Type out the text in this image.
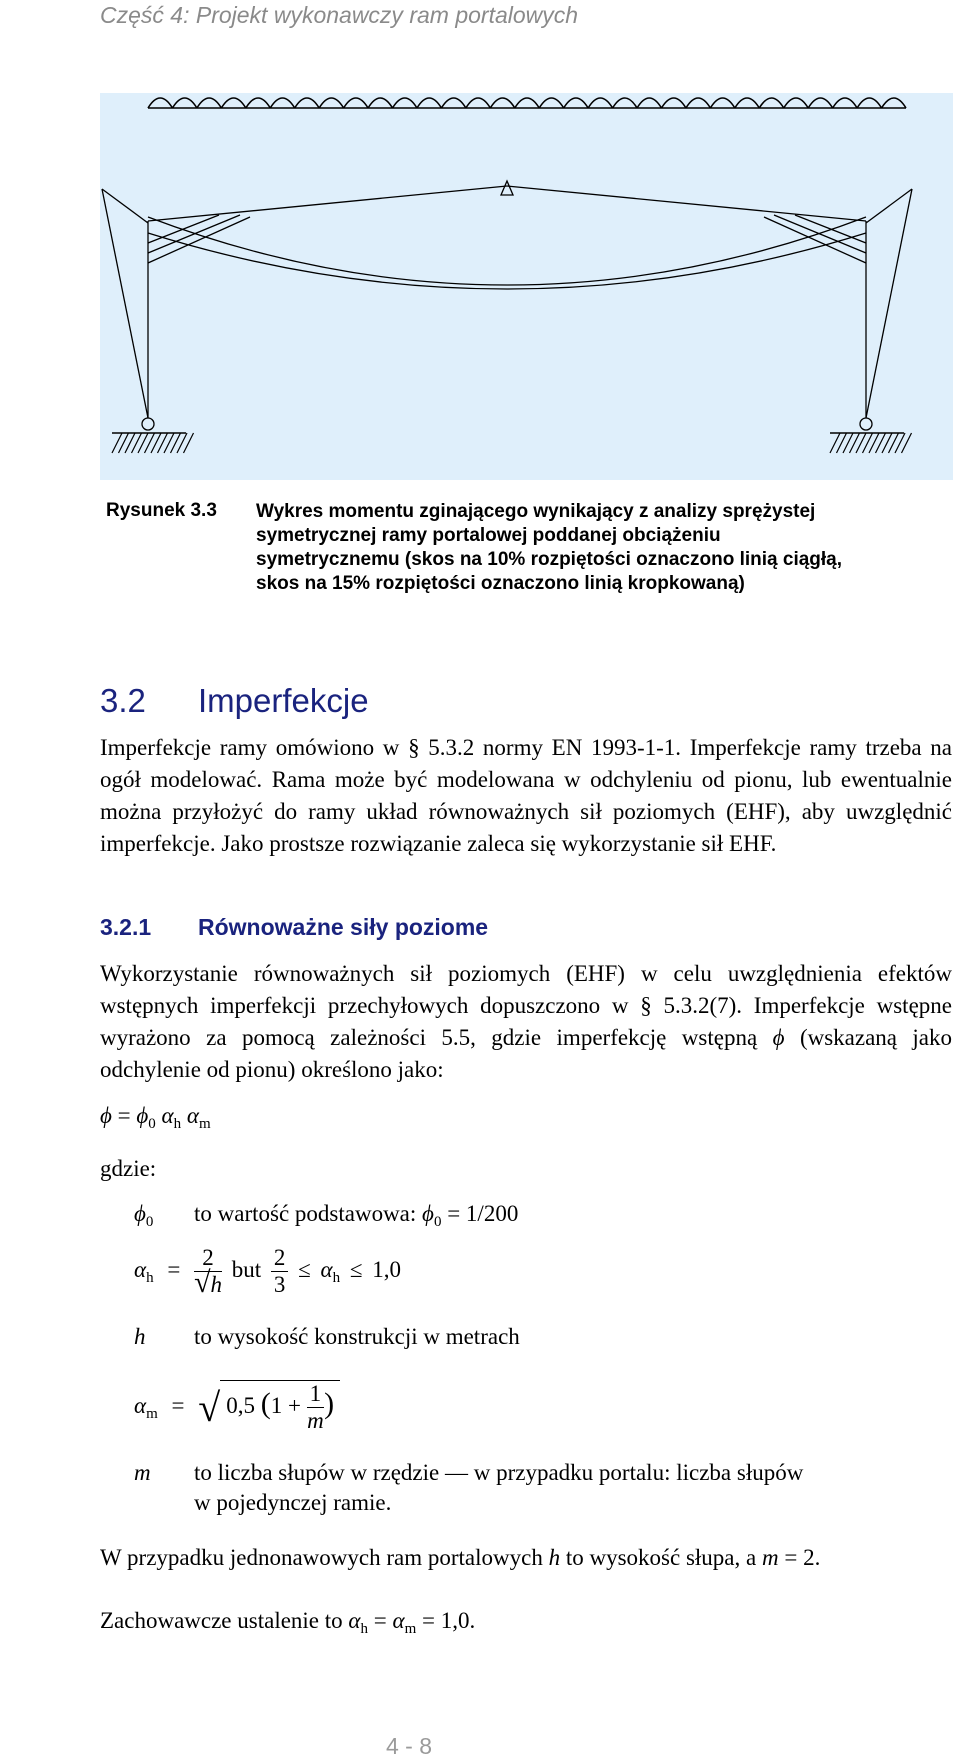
Część 4: Projekt wykonawczy ram portalowych
Rysunek 3.3 Wykres momentu zginającego wynikający z analizy sprężystej
symetrycznej ramy portalowej poddanej obciążeniu
symetrycznemu (skos na 10% rozpiętości oznaczono linią ciągłą,
skos na 15% rozpiętości oznaczono linią kropkowaną)
3.2 Imperfekcje
Imperfekcje ramy omówiono w § 5.3.2 normy EN 1993-1-1. Imperfekcje ramy trzeba na ogół modelować. Rama może być modelowana w odchyleniu od pionu, lub ewentualnie można przyłożyć do ramy układ równoważnych sił poziomych (EHF), aby uwzględnić imperfekcje. Jako prostsze rozwiązanie zaleca się wykorzystanie sił EHF.
3.2.1 Równoważne siły poziome
Wykorzystanie równoważnych sił poziomych (EHF) w celu uwzględnienia efektów wstępnych imperfekcji przechyłowych dopuszczono w § 5.3.2(7). Imperfekcje wstępne wyrażono za pomocą zależności 5.5, gdzie imperfekcję wstępną ϕ (wskazaną jako odchylenie od pionu) określono jako:
$\phi = \phi_0$ $\alpha_h$ $\alpha_m$
gdzie:
$\phi_0$ to wartość podstawowa: $\phi_0 = 1/200$
$\alpha_h = \frac{2}{√h}$ but $\frac{2}{3} \le \alpha_h \le 1,0$
h to wysokość konstrukcji w metrach
$\alpha_m$ = √ 0,5 ($1 + \frac{1}{m}$ )
m to liczba słupów w rzędzie — w przypadku portalu: liczba słupów
w pojedynczej ramie.
W przypadku jednonawowych ram portalowych h to wysokość słupa, a m = 2.
Zachowawcze ustalenie to $\alpha_h = \alpha_m = 1,0$.
4 - 8
